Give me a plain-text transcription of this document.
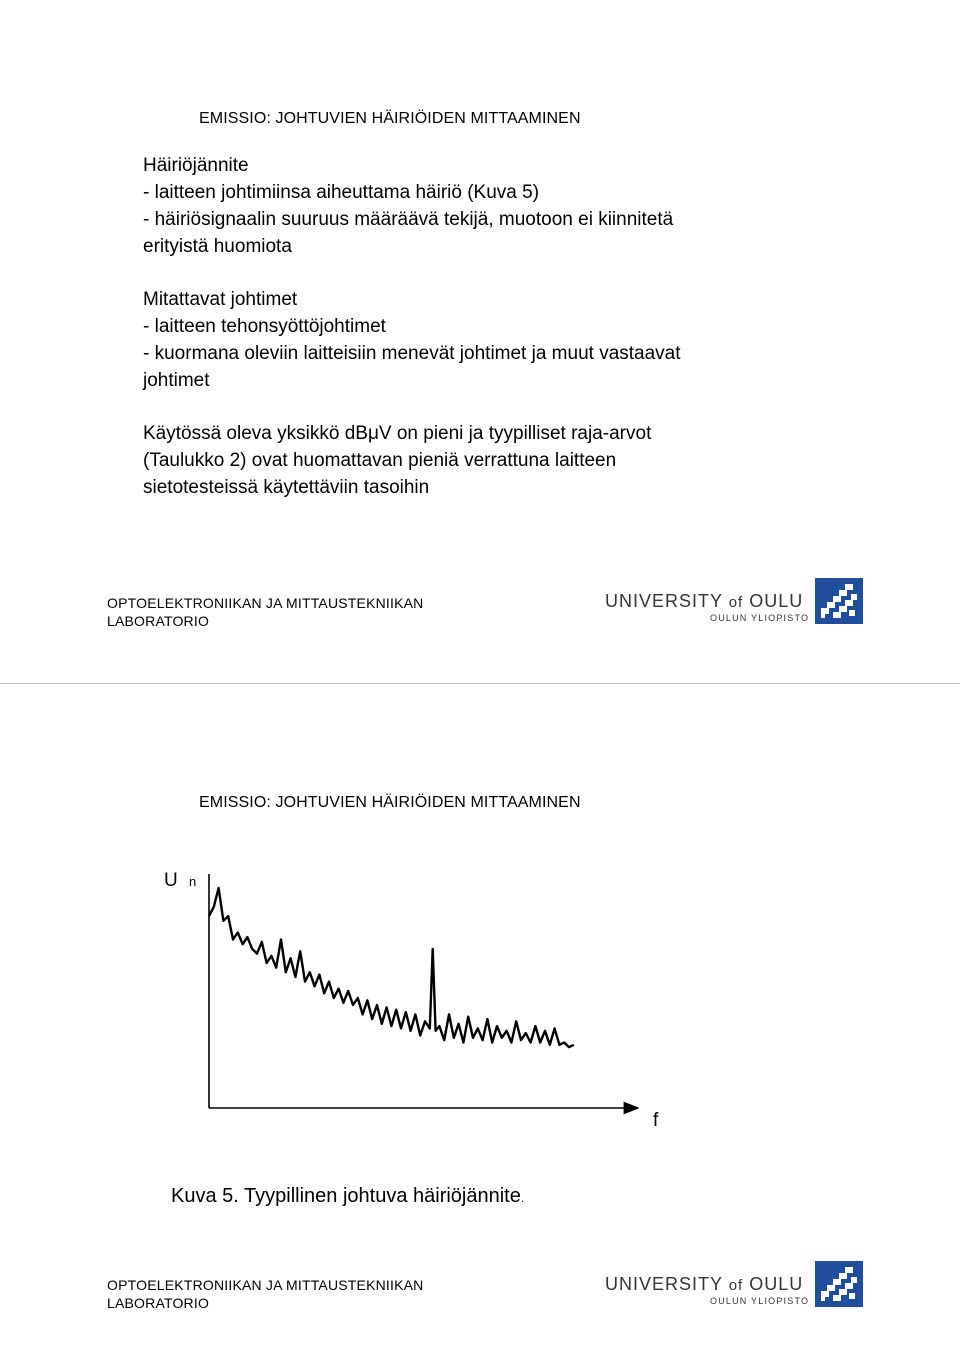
EMISSIO: JOHTUVIEN HÄIRIÖIDEN MITTAAMINEN

Häiriöjännite
- laitteen johtimiinsa aiheuttama häiriö (Kuva 5)
- häiriösignaalin suuruus määräävä tekijä, muotoon ei kiinnitetä
erityistä huomiota

Mitattavat johtimet
- laitteen tehonsyöttöjohtimet
- kuormana oleviin laitteisiin menevät johtimet ja muut vastaavat
johtimet

Käytössä oleva yksikkö dBμV on pieni ja tyypilliset raja-arvot
(Taulukko 2) ovat huomattavan pieniä verrattuna laitteen
sietotesteissä käytettäviin tasoihin

OPTOELEKTRONIIKAN JA MITTAUSTEKNIIKAN
LABORATORIO
UNIVERSITY of OULU
OULUN YLIOPISTO
EMISSIO: JOHTUVIEN HÄIRIÖIDEN MITTAAMINEN
U n
f
Kuva 5. Tyypillinen johtuva häiriöjännite.
OPTOELEKTRONIIKAN JA MITTAUSTEKNIIKAN
LABORATORIO
UNIVERSITY of OULU
OULUN YLIOPISTO
